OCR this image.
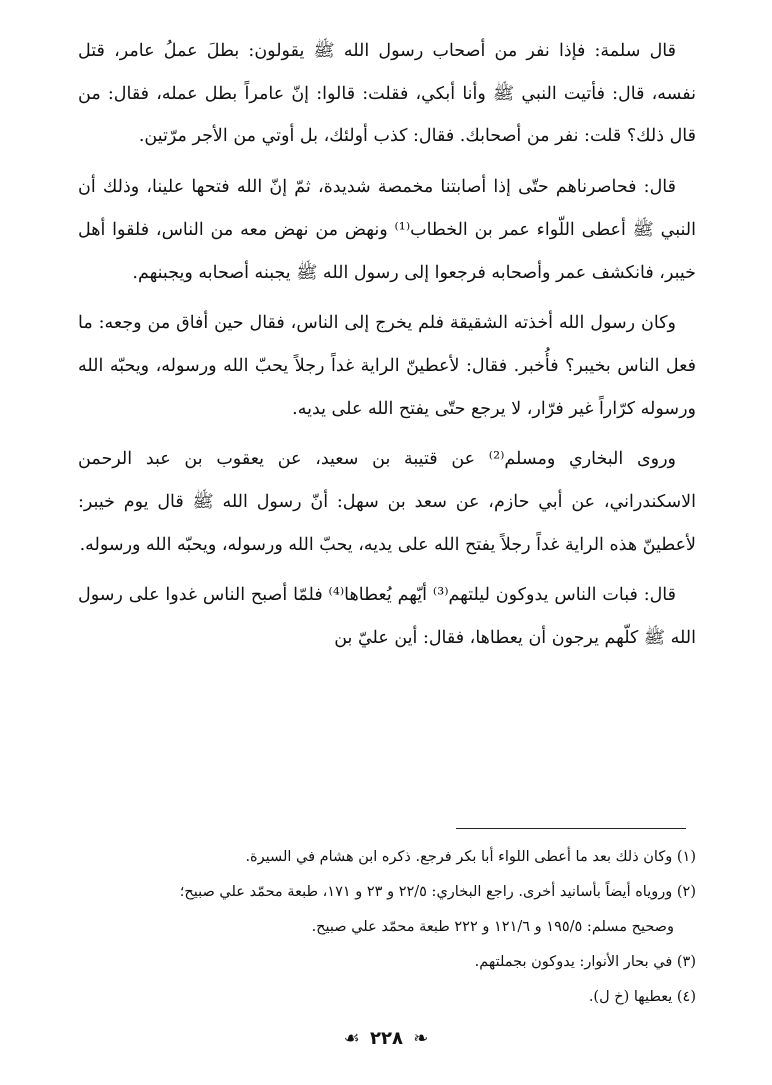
قال سلمة: فإذا نفر من أصحاب رسول الله ﷺ يقولون: بطلَ عملُ عامر، قتل نفسه، قال: فأتيت النبي ﷺ وأنا أبكي، فقلت: قالوا: إنّ عامراً بطل عمله، فقال: من قال ذلك؟ قلت: نفر من أصحابك. فقال: كذب أولئك، بل أوتي من الأجر مرّتين.

قال: فحاصرناهم حتّى إذا أصابتنا مخمصة شديدة، ثمّ إنّ الله فتحها علينا، وذلك أن النبي ﷺ أعطى اللّواء عمر بن الخطاب⁽¹⁾ ونهض من نهض معه من الناس، فلقوا أهل خيبر، فانكشف عمر وأصحابه فرجعوا إلى رسول الله ﷺ يجبنه أصحابه ويجبنهم.

وكان رسول الله أخذته الشقيقة فلم يخرج إلى الناس، فقال حين أفاق من وجعه: ما فعل الناس بخيبر؟ فأُخبر. فقال: لأعطينّ الراية غداً رجلاً يحبّ الله ورسوله، ويحبّه الله ورسوله كرّاراً غير فرّار، لا يرجع حتّى يفتح الله على يديه.

وروى البخاري ومسلم⁽²⁾ عن قتيبة بن سعيد، عن يعقوب بن عبد الرحمن الاسكندراني، عن أبي حازم، عن سعد بن سهل: أنّ رسول الله ﷺ قال يوم خيبر: لأعطينّ هذه الراية غداً رجلاً يفتح الله على يديه، يحبّ الله ورسوله، ويحبّه الله ورسوله.

قال: فبات الناس يدوكون ليلتهم⁽³⁾ أيّهم يُعطاها⁽⁴⁾ فلمّا أصبح الناس غدوا على رسول الله ﷺ كلّهم يرجون أن يعطاها، فقال: أين عليّ بن

(١) وكان ذلك بعد ما أعطى اللواء أبا بكر فرجع. ذكره ابن هشام في السيرة.

(٢) وروياه أيضاً بأسانيد أخرى. راجع البخاري: ٢٢/٥ و ٢٣ و ١٧١، طبعة محمّد علي صبيح؛

وصحيح مسلم: ١٩٥/٥ و ١٢١/٦ و ٢٢٢ طبعة محمّد علي صبيح.

(٣) في بحار الأنوار: يدوكون بجملتهم.

(٤) يعطيها (خ ل).

❧ ٢٢٨ ☙
